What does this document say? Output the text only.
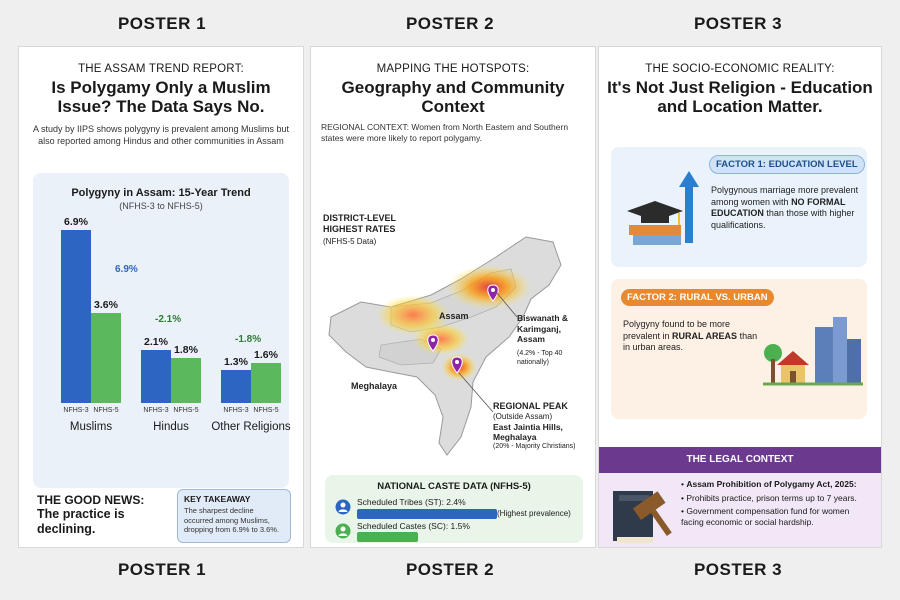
POSTER 1	POSTER 2	POSTER 3
THE ASSAM TREND REPORT:
Is Polygamy Only a Muslim Issue? The Data Says No.
A study by IIPS shows polygyny is prevalent among Muslims but also reported among Hindus and other communities in Assam
Polygyny in Assam: 15-Year Trend
(NFHS-3 to NFHS-5)
6.9%
NFHS-3
3.6%
NFHS-5
Muslims
6.9%
2.1%
NFHS-3
1.8%
NFHS-5
Hindus
-2.1%
1.3%
NFHS-3
1.6%
NFHS-5
Other Religions
-1.8%
THE GOOD NEWS:
The practice is declining.
KEY TAKEAWAY
The sharpest decline occurred among Muslims, dropping from 6.9% to 3.6%.
MAPPING THE HOTSPOTS:
Geography and Community Context
REGIONAL CONTEXT: Women from North Eastern and Southern states were more likely to report polygamy.
DISTRICT-LEVEL HIGHEST RATES
(NFHS-5 Data)
Assam
Meghalaya
Biswanath & Karimganj, Assam
(4.2% - Top 40 nationally)
REGIONAL PEAK
(Outside Assam)
East Jaintia Hills, Meghalaya
(20% - Majority Christians)
NATIONAL CASTE DATA (NFHS-5)
Scheduled Tribes (ST): 2.4%
(Highest prevalence)
Scheduled Castes (SC): 1.5%
THE SOCIO-ECONOMIC REALITY:
It's Not Just Religion - Education and Location Matter.
FACTOR 1: EDUCATION LEVEL
Polygynous marriage more prevalent among women with NO FORMAL EDUCATION than those with higher qualifications.
FACTOR 2: RURAL VS. URBAN
Polygyny found to be more prevalent in RURAL AREAS than in urban areas.
THE LEGAL CONTEXT
• Assam Prohibition of Polygamy Act, 2025:
• Prohibits practice, prison terms up to 7 years.
• Government compensation fund for women facing economic or social hardship.
POSTER 1	POSTER 2	POSTER 3
